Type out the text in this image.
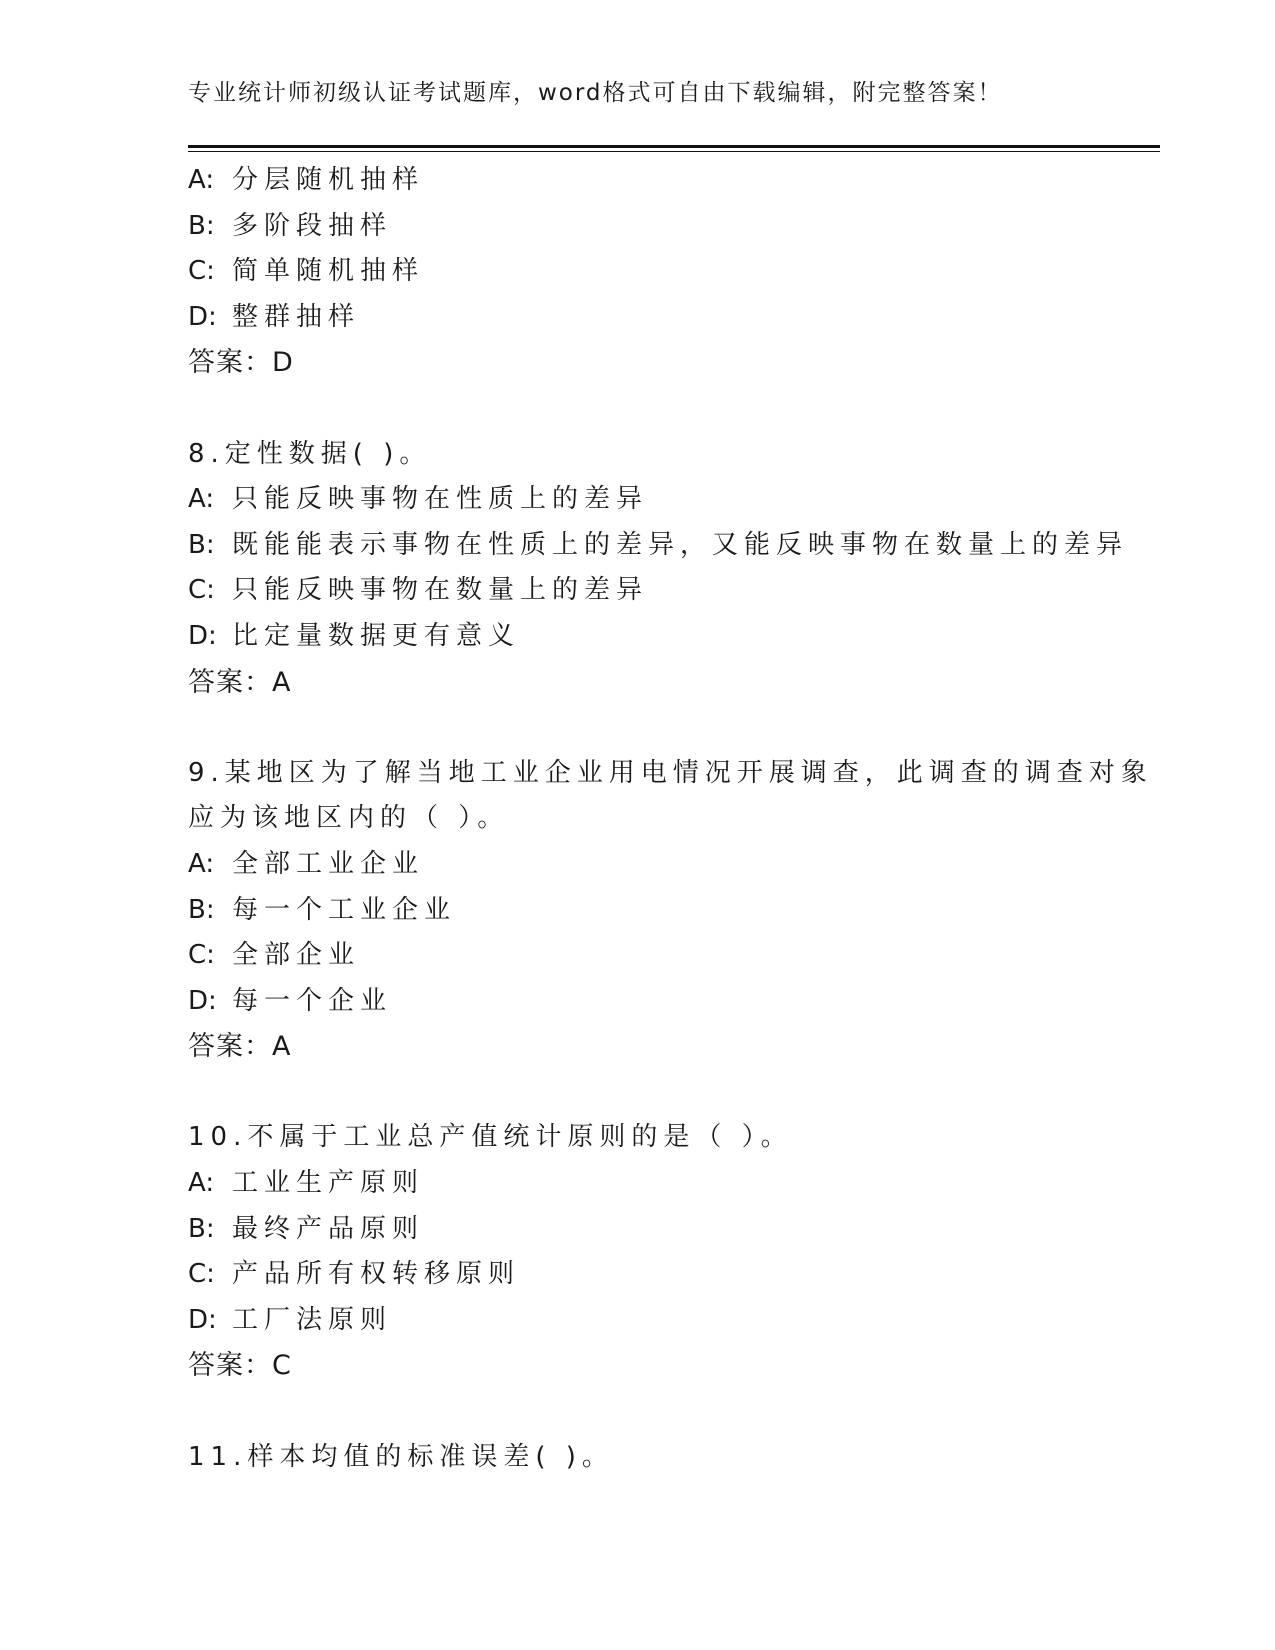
专业统计师初级认证考试题库，word格式可自由下载编辑，附完整答案！
A: 分层随机抽样
B: 多阶段抽样
C: 简单随机抽样
D: 整群抽样
答案：D
8.定性数据( )。
A: 只能反映事物在性质上的差异
B: 既能能表示事物在性质上的差异，又能反映事物在数量上的差异
C: 只能反映事物在数量上的差异
D: 比定量数据更有意义
答案：A
9.某地区为了解当地工业企业用电情况开展调查，此调查的调查对象
应为该地区内的（ ）。
A: 全部工业企业
B: 每一个工业企业
C: 全部企业
D: 每一个企业
答案：A
10.不属于工业总产值统计原则的是（ ）。
A: 工业生产原则
B: 最终产品原则
C: 产品所有权转移原则
D: 工厂法原则
答案：C
11.样本均值的标准误差( )。
